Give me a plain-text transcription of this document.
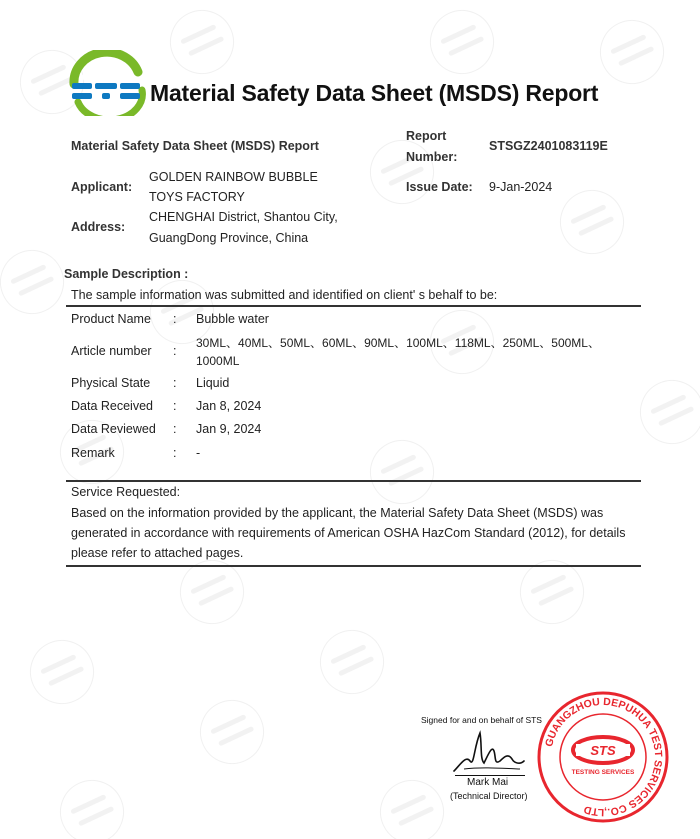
Material Safety Data Sheet (MSDS) Report
Material Safety Data Sheet (MSDS) Report
Report
Number:
STSGZ2401083119E
Applicant:
GOLDEN RAINBOW BUBBLE
TOYS FACTORY
Issue Date: 9-Jan-2024
Address:
CHENGHAI District, Shantou City,
GuangDong Province, China
Sample Description :
The sample information was submitted and identified on client' s behalf to be:
Product Name : Bubble water
Article number :
30ML、40ML、50ML、60ML、90ML、100ML、118ML、250ML、500ML、
1000ML
Physical State : Liquid
Data Received : Jan 8, 2024
Data Reviewed : Jan 9, 2024
Remark	: -
Service Requested:
Based on the information provided by the applicant, the Material Safety Data Sheet (MSDS) was
generated in accordance with requirements of American OSHA HazCom Standard (2012), for details
please refer to attached pages.
Signed for and on behalf of STS
Mark Mai
(Technical Director)
GUANGZHOU DEPUHUA TEST SERVICES CO.,LTD
STS
TESTING SERVICES
